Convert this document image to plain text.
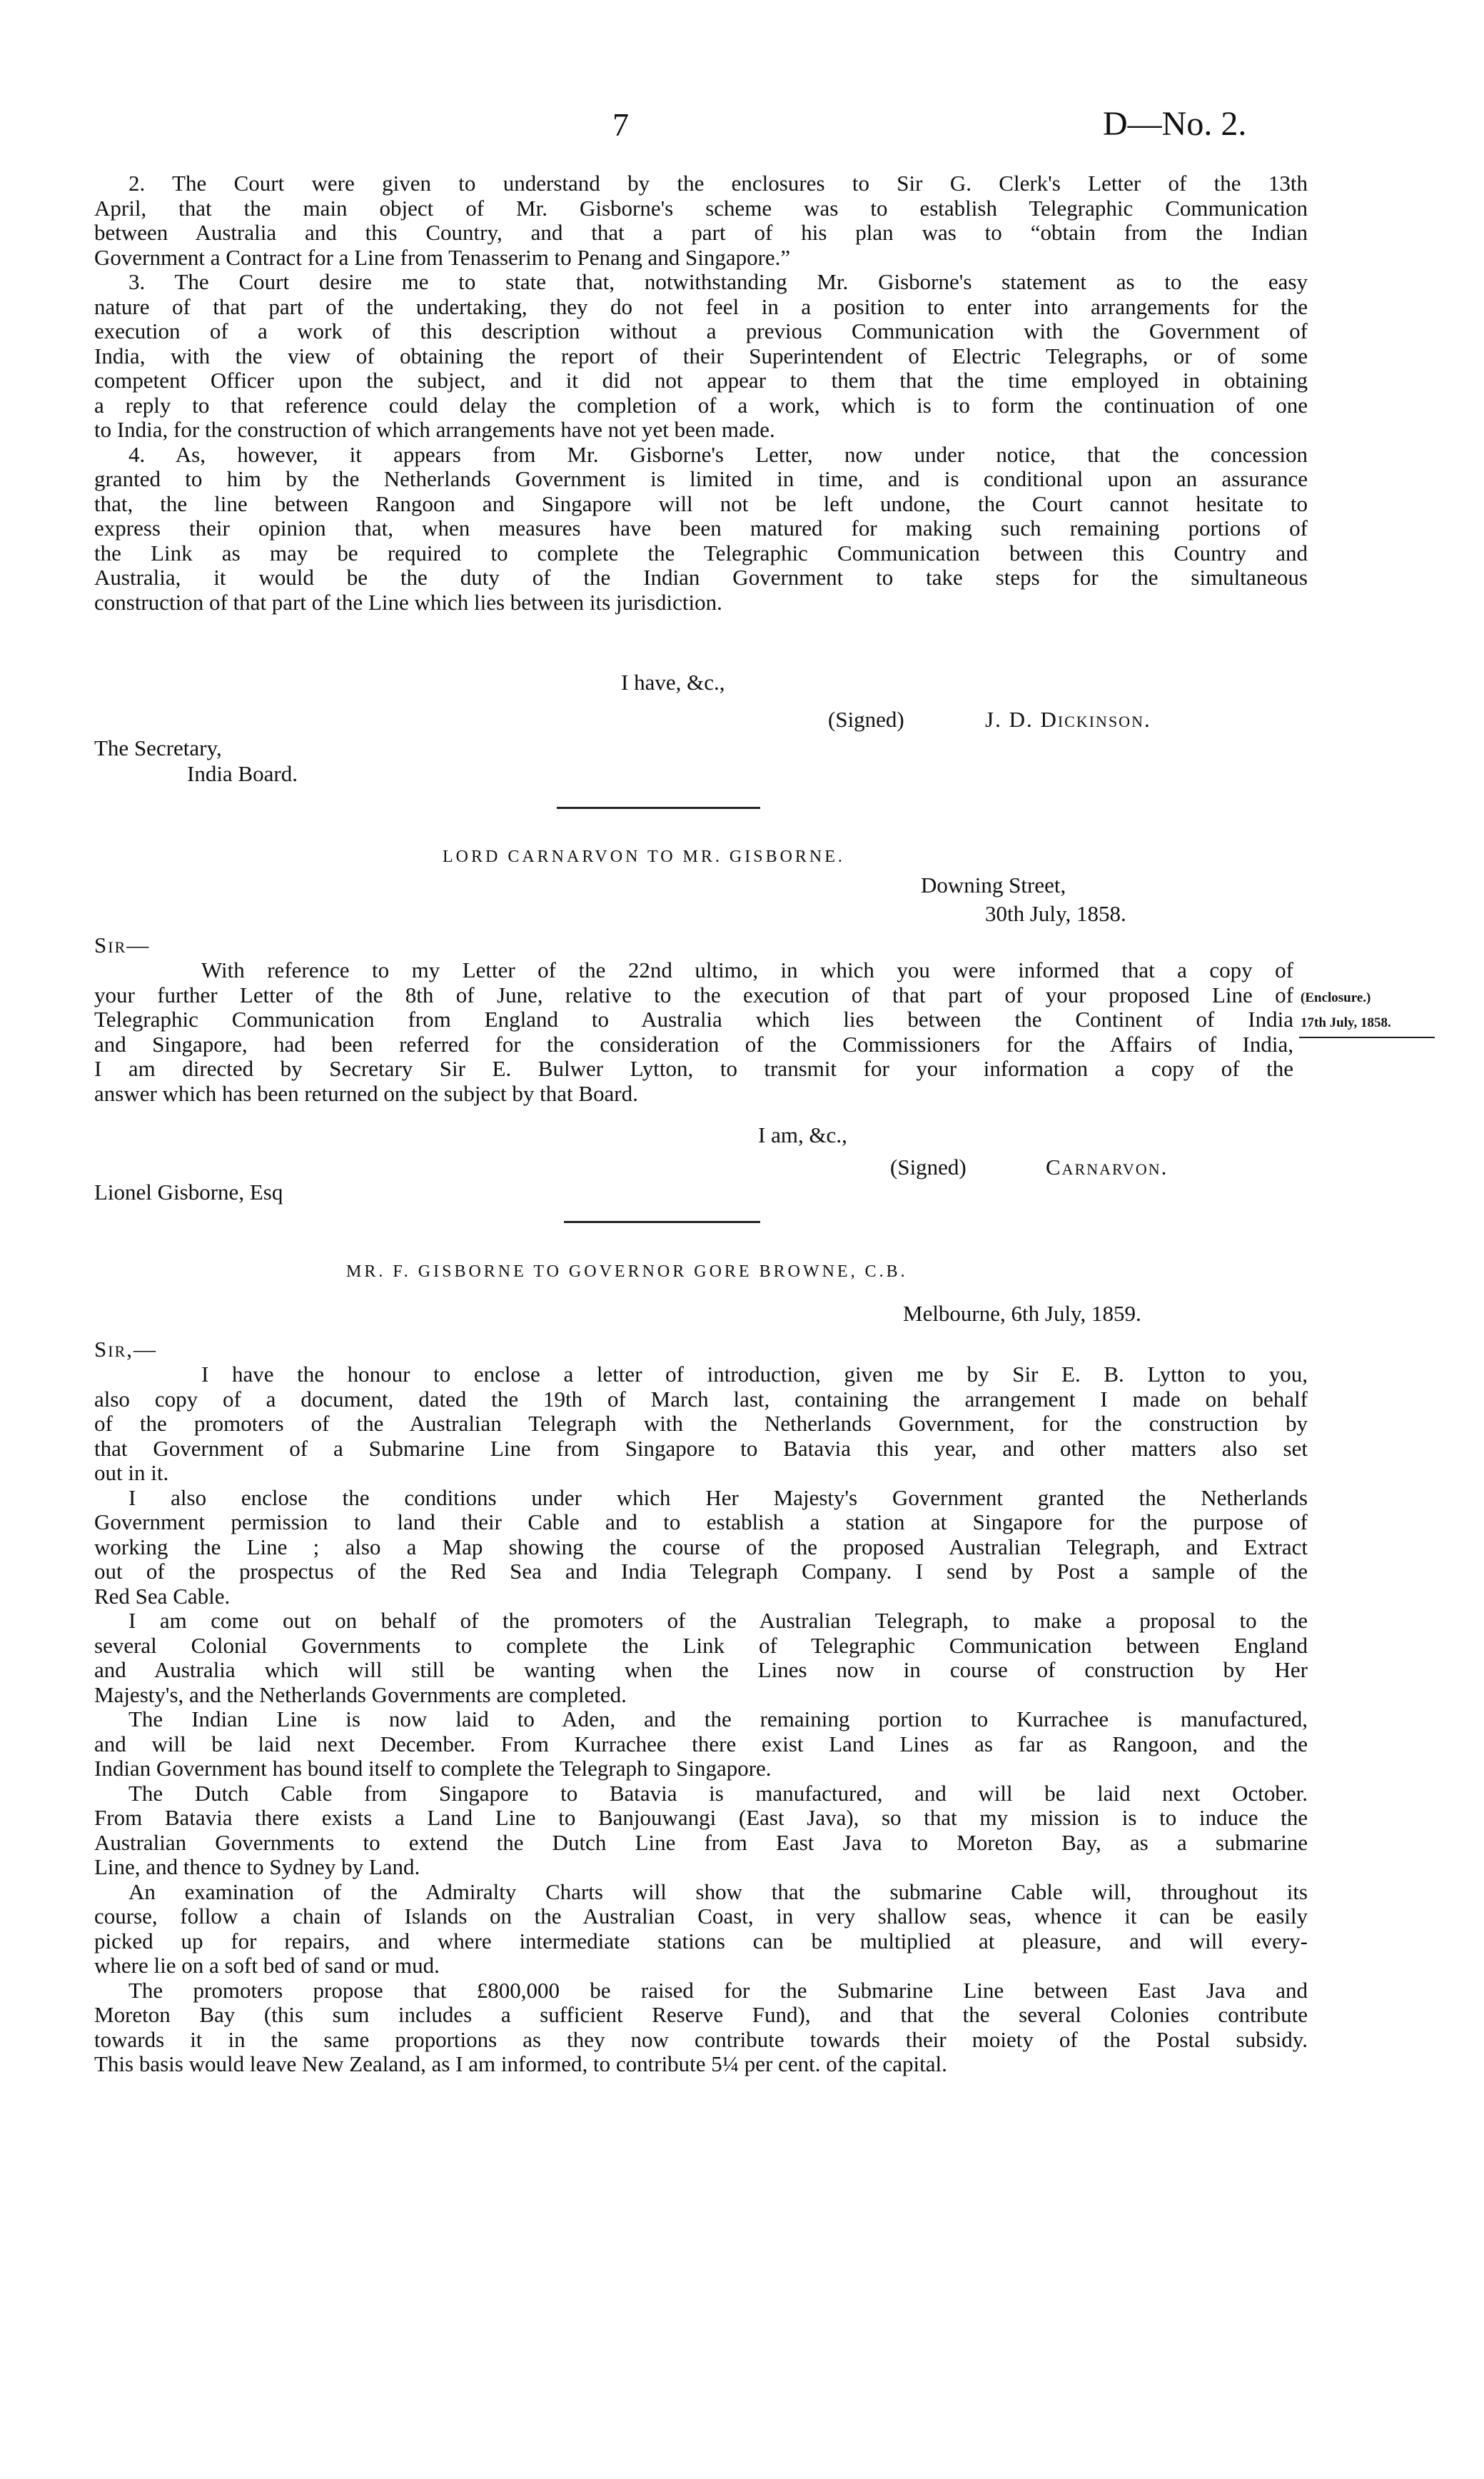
7	D—No. 2.
2. The Court were given to understand by the enclosures to Sir G. Clerk's Letter of the 13th
April, that the main object of Mr. Gisborne's scheme was to establish Telegraphic Communication
between Australia and this Country, and that a part of his plan was to “obtain from the Indian
Government a Contract for a Line from Tenasserim to Penang and Singapore.”
3. The Court desire me to state that, notwithstanding Mr. Gisborne's statement as to the easy
nature of that part of the undertaking, they do not feel in a position to enter into arrangements for the
execution of a work of this description without a previous Communication with the Government of
India, with the view of obtaining the report of their Superintendent of Electric Telegraphs, or of some
competent Officer upon the subject, and it did not appear to them that the time employed in obtaining
a reply to that reference could delay the completion of a work, which is to form the continuation of one
to India, for the construction of which arrangements have not yet been made.
4. As, however, it appears from Mr. Gisborne's Letter, now under notice, that the concession
granted to him by the Netherlands Government is limited in time, and is conditional upon an assurance
that, the line between Rangoon and Singapore will not be left undone, the Court cannot hesitate to
express their opinion that, when measures have been matured for making such remaining portions of
the Link as may be required to complete the Telegraphic Communication between this Country and
Australia, it would be the duty of the Indian Government to take steps for the simultaneous
construction of that part of the Line which lies between its jurisdiction.
I have, &c.,
(Signed)	J. D. Dickinson.
The Secretary,
India Board.
LORD CARNARVON TO MR. GISBORNE.
Downing Street,
30th July, 1858.
Sir—
With reference to my Letter of the 22nd ultimo, in which you were informed that a copy of
your further Letter of the 8th of June, relative to the execution of that part of your proposed Line of
Telegraphic Communication from England to Australia which lies between the Continent of India
and Singapore, had been referred for the consideration of the Commissioners for the Affairs of India,
I am directed by Secretary Sir E. Bulwer Lytton, to transmit for your information a copy of the
answer which has been returned on the subject by that Board.
(Enclosure.)
17th July, 1858.
I am, &c.,
(Signed)	Carnarvon.
Lionel Gisborne, Esq
MR. F. GISBORNE TO GOVERNOR GORE BROWNE, C.B.
Melbourne, 6th July, 1859.
Sir,—
I have the honour to enclose a letter of introduction, given me by Sir E. B. Lytton to you,
also copy of a document, dated the 19th of March last, containing the arrangement I made on behalf
of the promoters of the Australian Telegraph with the Netherlands Government, for the construction by
that Government of a Submarine Line from Singapore to Batavia this year, and other matters also set
out in it.
I also enclose the conditions under which Her Majesty's Government granted the Netherlands
Government permission to land their Cable and to establish a station at Singapore for the purpose of
working the Line ; also a Map showing the course of the proposed Australian Telegraph, and Extract
out of the prospectus of the Red Sea and India Telegraph Company. I send by Post a sample of the
Red Sea Cable.
I am come out on behalf of the promoters of the Australian Telegraph, to make a proposal to the
several Colonial Governments to complete the Link of Telegraphic Communication between England
and Australia which will still be wanting when the Lines now in course of construction by Her
Majesty's, and the Netherlands Governments are completed.
The Indian Line is now laid to Aden, and the remaining portion to Kurrachee is manufactured,
and will be laid next December. From Kurrachee there exist Land Lines as far as Rangoon, and the
Indian Government has bound itself to complete the Telegraph to Singapore.
The Dutch Cable from Singapore to Batavia is manufactured, and will be laid next October.
From Batavia there exists a Land Line to Banjouwangi (East Java), so that my mission is to induce the
Australian Governments to extend the Dutch Line from East Java to Moreton Bay, as a submarine
Line, and thence to Sydney by Land.
An examination of the Admiralty Charts will show that the submarine Cable will, throughout its
course, follow a chain of Islands on the Australian Coast, in very shallow seas, whence it can be easily
picked up for repairs, and where intermediate stations can be multiplied at pleasure, and will every-
where lie on a soft bed of sand or mud.
The promoters propose that £800,000 be raised for the Submarine Line between East Java and
Moreton Bay (this sum includes a sufficient Reserve Fund), and that the several Colonies contribute
towards it in the same proportions as they now contribute towards their moiety of the Postal subsidy.
This basis would leave New Zealand, as I am informed, to contribute 5¼ per cent. of the capital.
